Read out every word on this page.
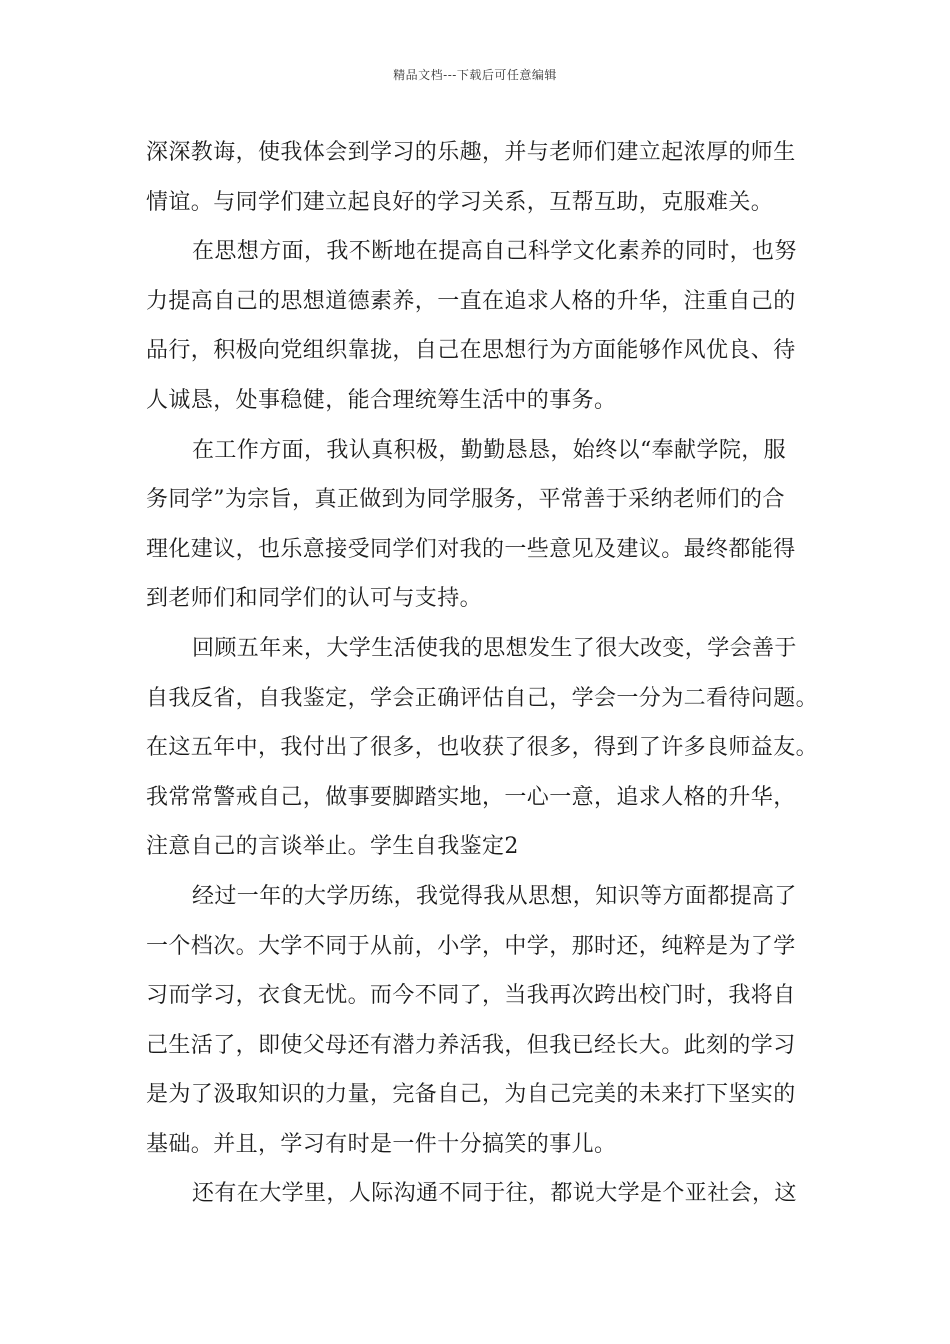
精品文档---下载后可任意编辑
深深教诲，使我体会到学习的乐趣，并与老师们建立起浓厚的师生
情谊。与同学们建立起良好的学习关系，互帮互助，克服难关。
在思想方面，我不断地在提高自己科学文化素养的同时，也努
力提高自己的思想道德素养，一直在追求人格的升华，注重自己的
品行，积极向党组织靠拢，自己在思想行为方面能够作风优良、待
人诚恳，处事稳健，能合理统筹生活中的事务。
在工作方面，我认真积极，勤勤恳恳，始终以“奉献学院，服
务同学”为宗旨，真正做到为同学服务，平常善于采纳老师们的合
理化建议，也乐意接受同学们对我的一些意见及建议。最终都能得
到老师们和同学们的认可与支持。
回顾五年来，大学生活使我的思想发生了很大改变，学会善于
自我反省，自我鉴定，学会正确评估自己，学会一分为二看待问题。
在这五年中，我付出了很多，也收获了很多，得到了许多良师益友。
我常常警戒自己，做事要脚踏实地，一心一意，追求人格的升华，
注意自己的言谈举止。学生自我鉴定2
经过一年的大学历练，我觉得我从思想，知识等方面都提高了
一个档次。大学不同于从前，小学，中学，那时还，纯粹是为了学
习而学习，衣食无忧。而今不同了，当我再次跨出校门时，我将自
己生活了，即使父母还有潜力养活我，但我已经长大。此刻的学习
是为了汲取知识的力量，完备自己，为自己完美的未来打下坚实的
基础。并且，学习有时是一件十分搞笑的事儿。
还有在大学里，人际沟通不同于往，都说大学是个亚社会，这
